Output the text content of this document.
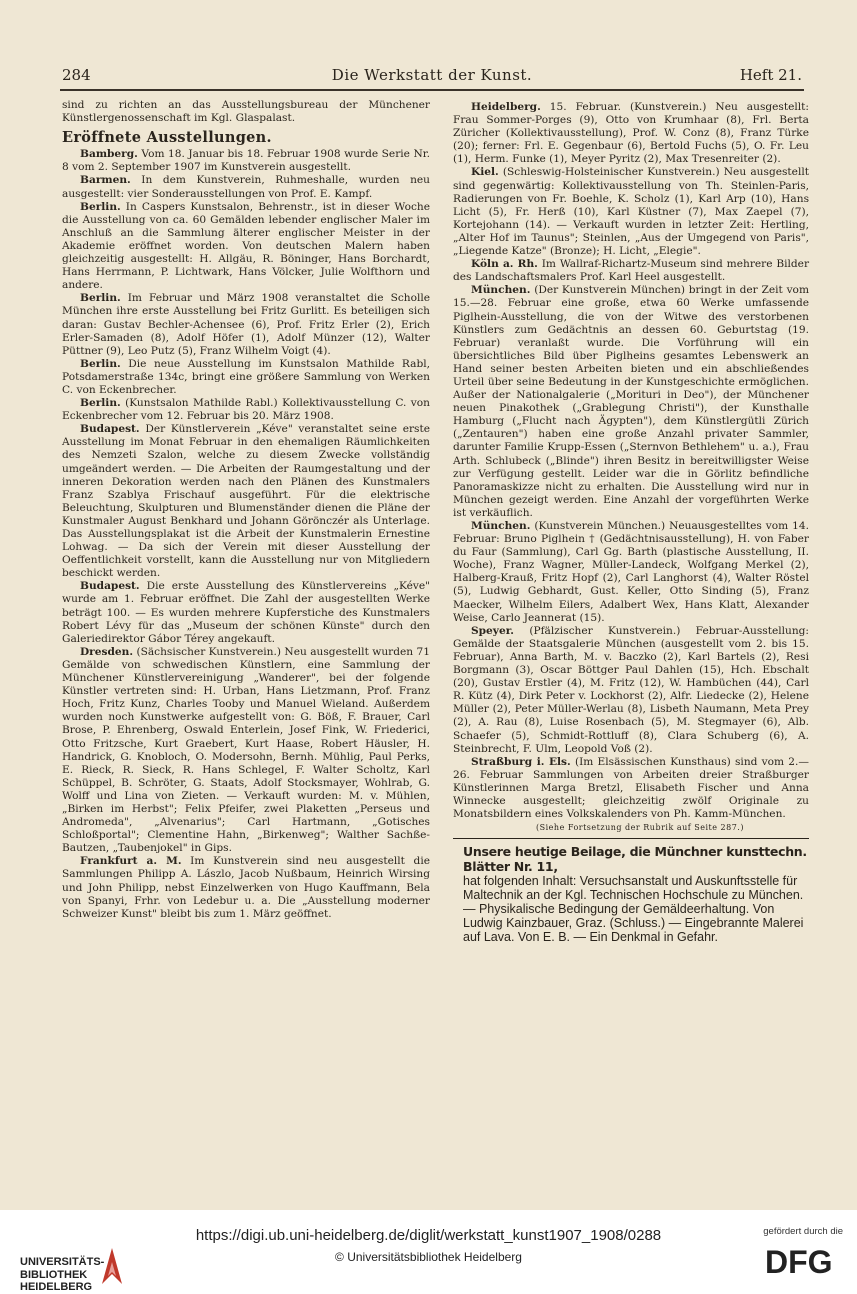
284	Die Werkstatt der Kunst.	Heft 21.

sind zu richten an das Ausstellungsbureau der Münchener Künstlergenossenschaft im Kgl. Glaspalast.

Eröffnete Ausstellungen.

Bamberg. Vom 18. Januar bis 18. Februar 1908 wurde Serie Nr. 8 vom 2. September 1907 im Kunstverein ausgestellt.

Barmen. In dem Kunstverein, Ruhmeshalle, wurden neu ausgestellt: vier Sonderausstellungen von Prof. E. Kampf.

Berlin. In Caspers Kunstsalon, Behrenstr., ist in dieser Woche die Ausstellung von ca. 60 Gemälden lebender englischer Maler im Anschluß an die Sammlung älterer englischer Meister in der Akademie eröffnet worden. Von deutschen Malern haben gleichzeitig ausgestellt: H. Allgäu, R. Böninger, Hans Borchardt, Hans Herrmann, P. Lichtwark, Hans Völcker, Julie Wolfthorn und andere.

Berlin. Im Februar und März 1908 veranstaltet die Scholle München ihre erste Ausstellung bei Fritz Gurlitt. Es beteiligen sich daran: Gustav Bechler-Achensee (6), Prof. Fritz Erler (2), Erich Erler-Samaden (8), Adolf Höfer (1), Adolf Münzer (12), Walter Püttner (9), Leo Putz (5), Franz Wilhelm Voigt (4).

Berlin. Die neue Ausstellung im Kunstsalon Mathilde Rabl, Potsdamerstraße 134c, bringt eine größere Sammlung von Werken C. von Eckenbrecher.

Berlin. (Kunstsalon Mathilde Rabl.) Kollektivausstellung C. von Eckenbrecher vom 12. Februar bis 20. März 1908.

Budapest. Der Künstlerverein „Kéve" veranstaltet seine erste Ausstellung im Monat Februar in den ehemaligen Räumlichkeiten des Nemzeti Szalon, welche zu diesem Zwecke vollständig umgeändert werden. — Die Arbeiten der Raumgestaltung und der inneren Dekoration werden nach den Plänen des Kunstmalers Franz Szablya Frischauf ausgeführt. Für die elektrische Beleuchtung, Skulpturen und Blumenständer dienen die Pläne der Kunstmaler August Benkhard und Johann Görönczér als Unterlage. Das Ausstellungsplakat ist die Arbeit der Kunstmalerin Ernestine Lohwag. — Da sich der Verein mit dieser Ausstellung der Oeffentlichkeit vorstellt, kann die Ausstellung nur von Mitgliedern beschickt werden.

Budapest. Die erste Ausstellung des Künstlervereins „Kéve" wurde am 1. Februar eröffnet. Die Zahl der ausgestellten Werke beträgt 100. — Es wurden mehrere Kupferstiche des Kunstmalers Robert Lévy für das „Museum der schönen Künste" durch den Galeriedirektor Gábor Térey angekauft.

Dresden. (Sächsischer Kunstverein.) Neu ausgestellt wurden 71 Gemälde von schwedischen Künstlern, eine Sammlung der Münchener Künstlervereinigung „Wanderer", bei der folgende Künstler vertreten sind: H. Urban, Hans Lietzmann, Prof. Franz Hoch, Fritz Kunz, Charles Tooby und Manuel Wieland. Außerdem wurden noch Kunstwerke aufgestellt von: G. Böß, F. Brauer, Carl Brose, P. Ehrenberg, Oswald Enterlein, Josef Fink, W. Friederici, Otto Fritzsche, Kurt Graebert, Kurt Haase, Robert Häusler, H. Handrick, G. Knobloch, O. Modersohn, Bernh. Mühlig, Paul Perks, E. Rieck, R. Sieck, R. Hans Schlegel, F. Walter Scholtz, Karl Schüppel, B. Schröter, G. Staats, Adolf Stocksmayer, Wohlrab, G. Wolff und Lina von Zieten. — Verkauft wurden: M. v. Mühlen, „Birken im Herbst"; Felix Pfeifer, zwei Plaketten „Perseus und Andromeda", „Alvenarius"; Carl Hartmann, „Gotisches Schloßportal"; Clementine Hahn, „Birkenweg"; Walther Sachße-Bautzen, „Taubenjokel" in Gips.

Frankfurt a. M. Im Kunstverein sind neu ausgestellt die Sammlungen Philipp A. Lászlo, Jacob Nußbaum, Heinrich Wirsing und John Philipp, nebst Einzelwerken von Hugo Kauffmann, Bela von Spanyi, Frhr. von Ledebur u. a. Die „Ausstellung moderner Schweizer Kunst" bleibt bis zum 1. März geöffnet.

Heidelberg. 15. Februar. (Kunstverein.) Neu ausgestellt: Frau Sommer-Porges (9), Otto von Krumhaar (8), Frl. Berta Züricher (Kollektivausstellung), Prof. W. Conz (8), Franz Türke (20); ferner: Frl. E. Gegenbaur (6), Bertold Fuchs (5), O. Fr. Leu (1), Herm. Funke (1), Meyer Pyritz (2), Max Tresenreiter (2).

Kiel. (Schleswig-Holsteinischer Kunstverein.) Neu ausgestellt sind gegenwärtig: Kollektivausstellung von Th. Steinlen-Paris, Radierungen von Fr. Boehle, K. Scholz (1), Karl Arp (10), Hans Licht (5), Fr. Herß (10), Karl Küstner (7), Max Zaepel (7), Kortejohann (14). — Verkauft wurden in letzter Zeit: Hertling, „Alter Hof im Taunus"; Steinlen, „Aus der Umgegend von Paris", „Liegende Katze" (Bronze); H. Licht, „Elegie".

Köln a. Rh. Im Wallraf-Richartz-Museum sind mehrere Bilder des Landschaftsmalers Prof. Karl Heel ausgestellt.

München. (Der Kunstverein München) bringt in der Zeit vom 15.—28. Februar eine große, etwa 60 Werke umfassende Piglhein-Ausstellung, die von der Witwe des verstorbenen Künstlers zum Gedächtnis an dessen 60. Geburtstag (19. Februar) veranlaßt wurde. Die Vorführung will ein übersichtliches Bild über Piglheins gesamtes Lebenswerk an Hand seiner besten Arbeiten bieten und ein abschließendes Urteil über seine Bedeutung in der Kunstgeschichte ermöglichen. Außer der Nationalgalerie („Morituri in Deo"), der Münchener neuen Pinakothek („Grablegung Christi"), der Kunsthalle Hamburg („Flucht nach Ägypten"), dem Künstlergütli Zürich („Zentauren") haben eine große Anzahl privater Sammler, darunter Familie Krupp-Essen („Sternvon Bethlehem" u. a.), Frau Arth. Schlubeck („Blinde") ihren Besitz in bereitwilligster Weise zur Verfügung gestellt. Leider war die in Görlitz befindliche Panoramaskizze nicht zu erhalten. Die Ausstellung wird nur in München gezeigt werden. Eine Anzahl der vorgeführten Werke ist verkäuflich.

München. (Kunstverein München.) Neuausgestelltes vom 14. Februar: Bruno Piglhein † (Gedächtnisausstellung), H. von Faber du Faur (Sammlung), Carl Gg. Barth (plastische Ausstellung, II. Woche), Franz Wagner, Müller-Landeck, Wolfgang Merkel (2), Halberg-Krauß, Fritz Hopf (2), Carl Langhorst (4), Walter Röstel (5), Ludwig Gebhardt, Gust. Keller, Otto Sinding (5), Franz Maecker, Wilhelm Eilers, Adalbert Wex, Hans Klatt, Alexander Weise, Carlo Jeannerat (15).

Speyer. (Pfälzischer Kunstverein.) Februar-Ausstellung: Gemälde der Staatsgalerie München (ausgestellt vom 2. bis 15. Februar), Anna Barth, M. v. Baczko (2), Karl Bartels (2), Resi Borgmann (3), Oscar Böttger Paul Dahlen (15), Hch. Ebschalt (20), Gustav Erstler (4), M. Fritz (12), W. Hambüchen (44), Carl R. Kütz (4), Dirk Peter v. Lockhorst (2), Alfr. Liedecke (2), Helene Müller (2), Peter Müller-Werlau (8), Lisbeth Naumann, Meta Prey (2), A. Rau (8), Luise Rosenbach (5), M. Stegmayer (6), Alb. Schaefer (5), Schmidt-Rottluff (8), Clara Schuberg (6), A. Steinbrecht, F. Ulm, Leopold Voß (2).

Straßburg i. Els. (Im Elsässischen Kunsthaus) sind vom 2.—26. Februar Sammlungen von Arbeiten dreier Straßburger Künstlerinnen Marga Bretzl, Elisabeth Fischer und Anna Winnecke ausgestellt; gleichzeitig zwölf Originale zu Monatsbildern eines Volkskalenders von Ph. Kamm-München.

(Siehe Fortsetzung der Rubrik auf Seite 287.)

Unsere heutige Beilage, die Münchner kunsttechn. Blätter Nr. 11,

hat folgenden Inhalt: Versuchsanstalt und Auskunftsstelle für Maltechnik an der Kgl. Technischen Hochschule zu München. — Physikalische Bedingung der Gemäldeerhaltung. Von Ludwig Kainzbauer, Graz. (Schluss.) — Eingebrannte Malerei auf Lava. Von E. B. — Ein Denkmal in Gefahr.

UNIVERSITÄTS-
BIBLIOTHEK
HEIDELBERG
https://digi.ub.uni-heidelberg.de/diglit/werkstatt_kunst1907_1908/0288
© Universitätsbibliothek Heidelberg
gefördert durch die
DFG
